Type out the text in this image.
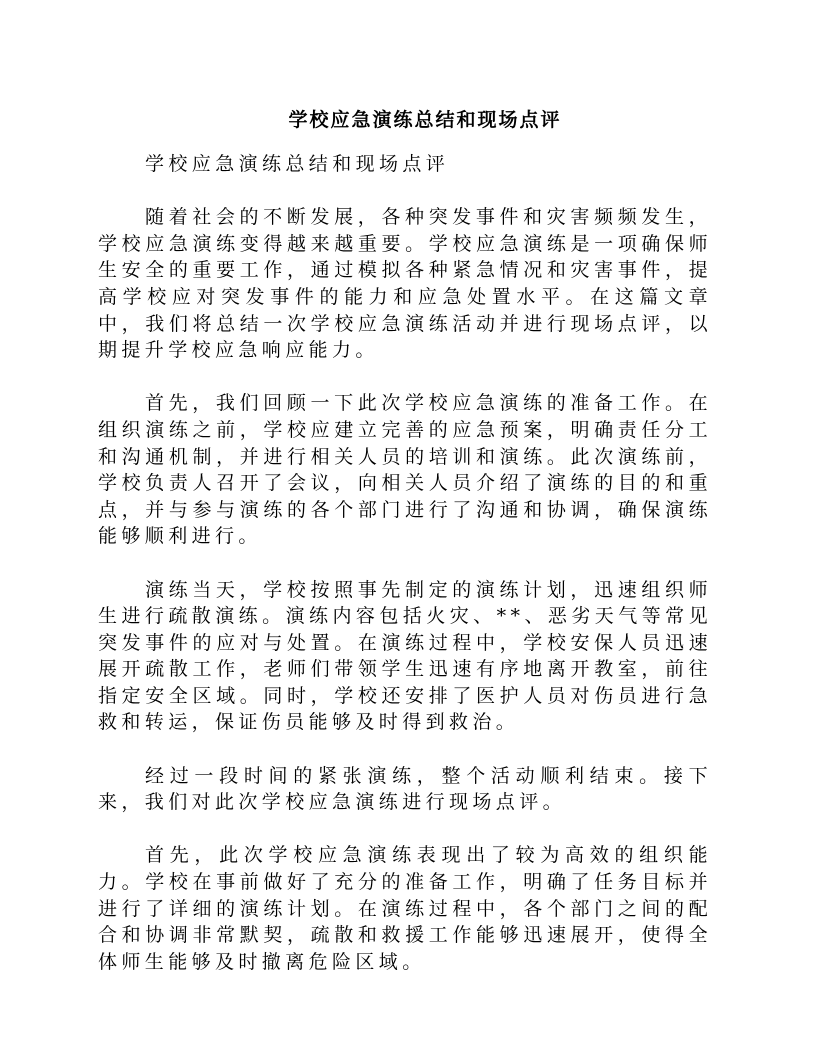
学校应急演练总结和现场点评

学校应急演练总结和现场点评

随着社会的不断发展，各种突发事件和灾害频频发生，学校应急演练变得越来越重要。学校应急演练是一项确保师生安全的重要工作，通过模拟各种紧急情况和灾害事件，提高学校应对突发事件的能力和应急处置水平。在这篇文章中，我们将总结一次学校应急演练活动并进行现场点评，以期提升学校应急响应能力。

首先，我们回顾一下此次学校应急演练的准备工作。在组织演练之前，学校应建立完善的应急预案，明确责任分工和沟通机制，并进行相关人员的培训和演练。此次演练前，学校负责人召开了会议，向相关人员介绍了演练的目的和重点，并与参与演练的各个部门进行了沟通和协调，确保演练能够顺利进行。

演练当天，学校按照事先制定的演练计划，迅速组织师生进行疏散演练。演练内容包括火灾、**、恶劣天气等常见突发事件的应对与处置。在演练过程中，学校安保人员迅速展开疏散工作，老师们带领学生迅速有序地离开教室，前往指定安全区域。同时，学校还安排了医护人员对伤员进行急救和转运，保证伤员能够及时得到救治。

经过一段时间的紧张演练，整个活动顺利结束。接下来，我们对此次学校应急演练进行现场点评。

首先，此次学校应急演练表现出了较为高效的组织能力。学校在事前做好了充分的准备工作，明确了任务目标并进行了详细的演练计划。在演练过程中，各个部门之间的配合和协调非常默契，疏散和救援工作能够迅速展开，使得全体师生能够及时撤离危险区域。
